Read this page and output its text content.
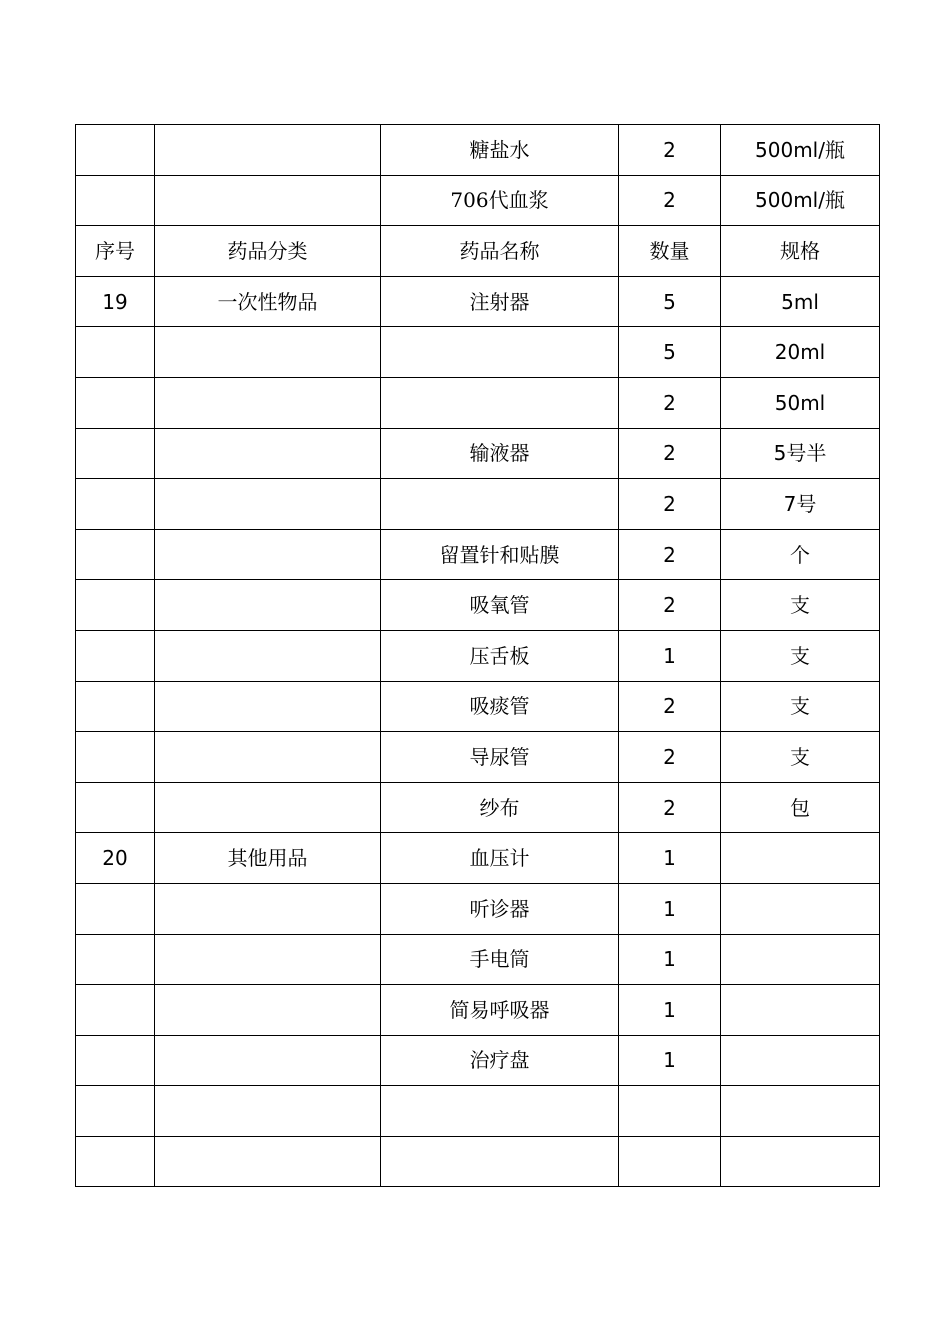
		糖盐水	2	500ml/瓶
		706代血浆	2	500ml/瓶
序号	药品分类	药品名称	数量	规格
19	一次性物品	注射器	5	5ml
			5	20ml
			2	50ml
		输液器	2	5号半
			2	7号
		留置针和贴膜	2	个
		吸氧管	2	支
		压舌板	1	支
		吸痰管	2	支
		导尿管	2	支
		纱布	2	包
20	其他用品	血压计	1	
		听诊器	1	
		手电筒	1	
		简易呼吸器	1	
		治疗盘	1	
